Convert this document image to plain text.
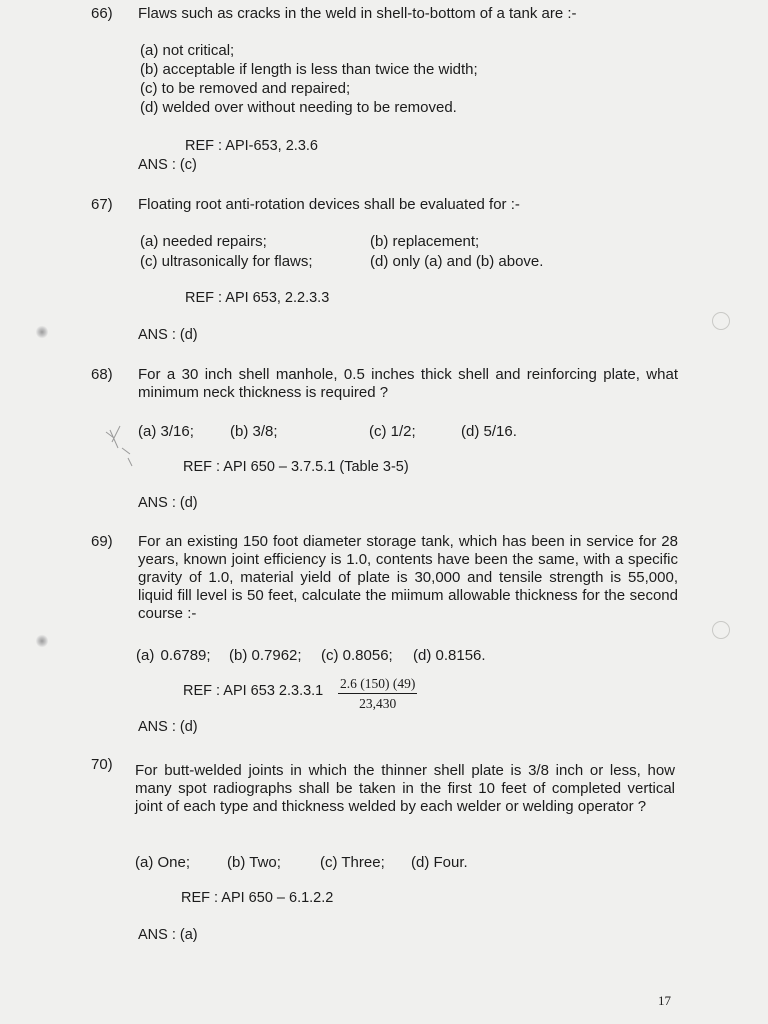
66) Flaws such as cracks in the weld in shell-to-bottom of a tank are :-
(a) not critical;
(b) acceptable if length is less than twice the width;
(c) to be removed and repaired;
(d) welded over without needing to be removed.
REF : API-653, 2.3.6
ANS : (c)
67) Floating root anti-rotation devices shall be evaluated for :-
(a) needed repairs;	(b) replacement;
(c) ultrasonically for flaws;	(d) only (a) and (b) above.
REF : API 653, 2.2.3.3
ANS : (d)
68) For a 30 inch shell manhole, 0.5 inches thick shell and reinforcing plate, what minimum neck thickness is required ?
(a) 3/16; (b) 3/8;	(c) 1/2;	(d) 5/16.
REF : API 650 – 3.7.5.1 (Table 3-5)
ANS : (d)
69) For an existing 150 foot diameter storage tank, which has been in service for 28 years, known joint efficiency is 1.0, contents have been the same, with a specific gravity of 1.0, material yield of plate is 30,000 and tensile strength is 55,000, liquid fill level is 50 feet, calculate the miimum allowable thickness for the second course :-
(a) 0.6789; (b) 0.7962; (c) 0.8056; (d) 0.8156.
REF : API 653 $2.3.3.1 \frac{2.6 (150) (49)}{23,430}$
ANS : (d)
70) For butt-welded joints in which the thinner shell plate is 3/8 inch or less, how many spot radiographs shall be taken in the first 10 feet of completed vertical joint of each type and thickness welded by each welder or welding operator ?
(a) One; (b) Two;	(c) Three; (d) Four.
REF : API 650 – 6.1.2.2
ANS : (a)
17
